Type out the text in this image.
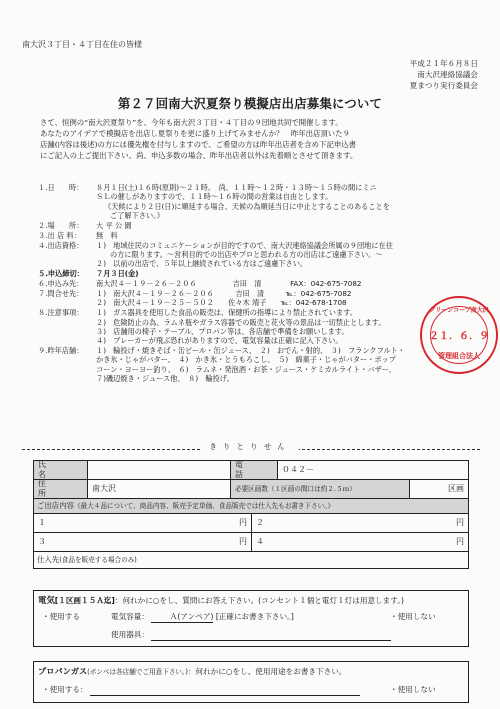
南大沢３丁目・４丁目在住の皆様
平成２１年６月８日
南大沢連絡協議会
夏まつり実行委員会
第２７回南大沢夏祭り模擬店出店募集について
さて、恒例の“南大沢夏祭り”を、今年も南大沢３丁目・４丁目の９団地共同で開催します。
あなたのアイデアで模擬店を出店し夏祭りを更に盛り上げてみませんか？　昨年出店頂いた９
店舗(内容は後述)の方には優先権を付与しますので、ご希望の方は昨年出店者を含め下記申込書
にご記入の上ご提出下さい。尚、申込多数の場合、昨年出店者以外は先着順とさせて頂きます。
１.日　　時： ８月１日(土)１６時(原則)～２１時。　尚、１１時～１２時・１３時～１５時の間にミニ
ＳＬの催しがありますので、１１時～１６時の間の営業は自由とします。
《天候により２日(日)に順延する場合、天候の為順延当日に中止とすることのあることを
ご了解下さい。》
２.場　　所： 大 平 公 園
３.出 店 料： 無　料
４.出店資格： １)　地域住民のコミュニケーションが目的ですので、南大沢連絡協議会所属の９団地に在住
の方に限ります。～営利目的での出店やプロと思われる方の出店はご遠慮下さい。～
２)　以前の出店で、５年以上継続されている方はご遠慮下さい。
５.申込締切： ７月３日(金)
６.申込み先： 南大沢４－１９－２６－２０６　　　　　吉田　清　　　　FAX：042-675-7082
７.問合せ先： １)　南大沢４－１９－２６－２０６　　　吉田　清　　　℡：042-675-7082
２)　南大沢４－１９－２５－５０２　　佐々木 靖子　　℡：042-678-1708
８.注意事項： １)　ガス器具を使用した食品の販売は、保健所の指導により禁止されています。
２)　危険防止の為、ラムネ瓶やガラス容器での販売と花火等の景品は一切禁止とします。
３)　店舗用の椅子・テーブル、プロパン等は、各店舗で準備をお願いします。
４)　ブレーカーが飛ぶ恐れがありますので、電気容量は正確に記入下さい。
９.昨年店舗： １)　輪投げ・焼きそば・缶ビール・缶ジュース、　２)　おでん・射的、　３)　フランクフルト・
かき氷・じゃがバター、　４)　かき氷・とうもろこし、　５)　綿菓子・じゃがバター・ポップ
コーン・ヨーヨー釣り、　６)　ラムネ・発泡酒・お茶・ジュース・ケミカルライト・バザー、
７)磯辺焼き・ジュース他、　８)　輪投げ。
グリーンコープ南大沢
２１．６．９
管理組合法人
きりとりせん
氏　名
電　話
０４２－
住　所
南大沢	必要区画数（１区画の間口は約２.５ｍ）	区画
ご出店内容 《最大４品について、商品内容、販売予定単価、食品販売では仕入先もお書き下さい。》
１	円 ２	円
３	円 ４	円
仕入先 (食品を販売する場合のみ)
電気[１区画１５Ａ迄]：何れかに○をし、質問にお答え下さい。(コンセント１個と電灯１灯は用意します。)
・使用する	電気容量：	Ａ(アンペア) [正確にお書き下さい。]	・使用しない
使用器具：
プロパンガス(ボンベは各店舗でご用意下さい。)：何れかに○をし、使用用途をお書き下さい。
・使用する：	・使用しない
